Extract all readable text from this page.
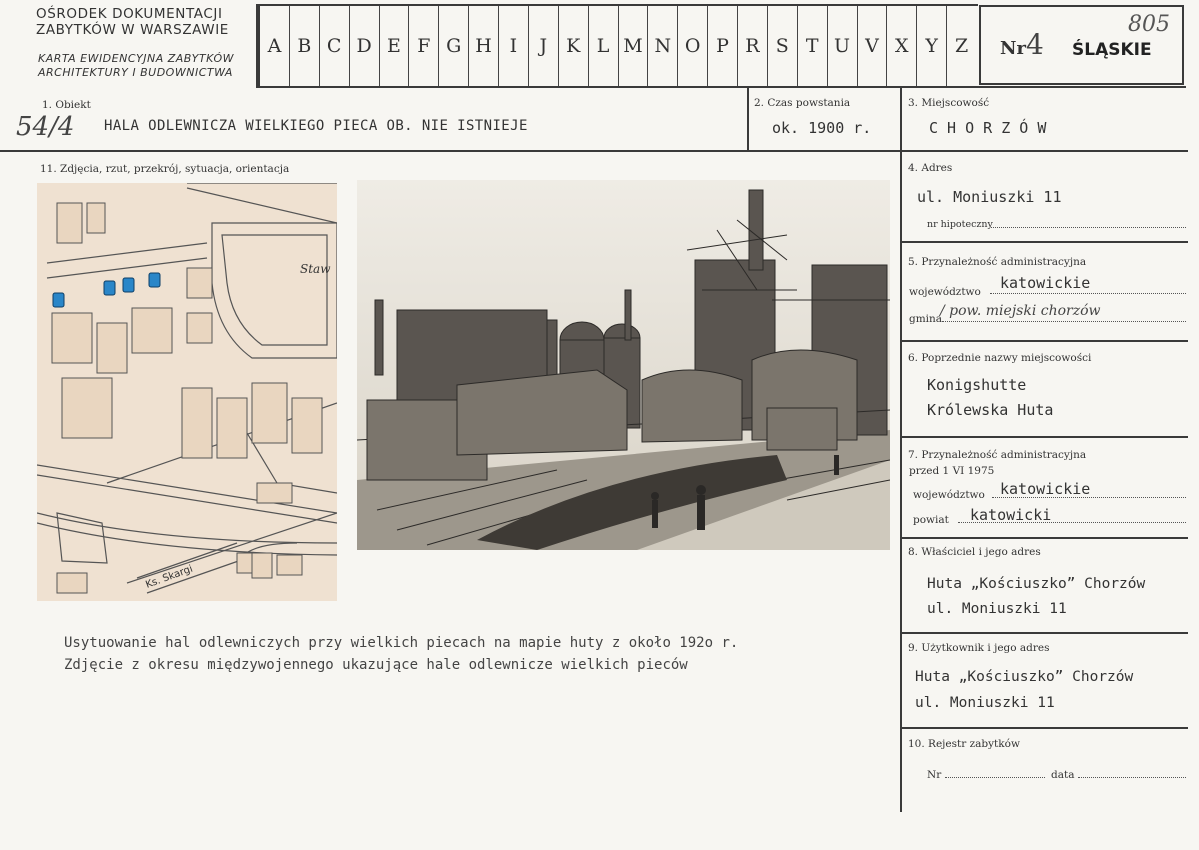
OŚRODEK DOKUMENTACJI
ZABYTKÓW W WARSZAWIE
KARTA EWIDENCYJNA ZABYTKÓW
ARCHITEKTURY I BUDOWNICTWA
A B C D E F G H I	J K L M N O P R S T U V X Y Z	Nr 4 ŚLĄSKIE
805
1. Obiekt
54/4 HALA ODLEWNICZA WIELKIEGO PIECA OB. NIE ISTNIEJE
2. Czas powstania
ok. 1900 r.
3. Miejscowość
C H O R Z Ó W
11. Zdjęcia, rzut, przekrój, sytuacja, orientacja
Staw
Ks. Skargi
Usytuowanie hal odlewniczych przy wielkich piecach na mapie huty z około 192o r.
Zdjęcie z okresu międzywojennego ukazujące hale odlewnicze wielkich pieców
4. Adres
ul. Moniuszki 11
nr hipoteczny
5. Przynależność administracyjna
województwo katowickie
gmina
/ pow. miejski chorzów
6. Poprzednie nazwy miejscowości
Konigshutte
Królewska Huta
7. Przynależność administracyjna
przed 1 VI 1975
województwo katowickie
powiat katowicki
8. Właściciel i jego adres
Huta „Kościuszko” Chorzów
ul. Moniuszki 11
9. Użytkownik i jego adres
Huta „Kościuszko” Chorzów
ul. Moniuszki 11
10. Rejestr zabytków
Nr	data
